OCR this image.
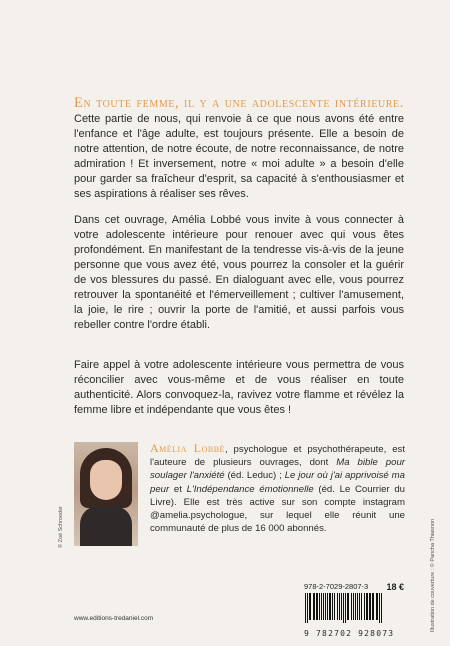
En toute femme, il y a une adolescente intérieure. Cette partie de nous, qui renvoie à ce que nous avons été entre l'enfance et l'âge adulte, est toujours présente. Elle a besoin de notre attention, de notre écoute, de notre reconnaissance, de notre admiration ! Et inversement, notre « moi adulte » a besoin d'elle pour garder sa fraîcheur d'esprit, sa capacité à s'enthousiasmer et ses aspirations à réaliser ses rêves.
Dans cet ouvrage, Amélia Lobbé vous invite à vous connecter à votre adolescente intérieure pour renouer avec qui vous êtes profondément. En manifestant de la tendresse vis-à-vis de la jeune personne que vous avez été, vous pourrez la consoler et la guérir de vos blessures du passé. En dialoguant avec elle, vous pourrez retrouver la spontanéité et l'émerveillement ; cultiver l'amusement, la joie, le rire ; ouvrir la porte de l'amitié, et aussi parfois vous rebeller contre l'ordre établi.
Faire appel à votre adolescente intérieure vous permettra de vous réconcilier avec vous-même et de vous réaliser en toute authenticité. Alors convoquez-la, ravivez votre flamme et révélez la femme libre et indépendante que vous êtes !
© Zoé Schroeder
Amélia Lobbé, psychologue et psychothérapeute, est l'auteure de plusieurs ouvrages, dont Ma bible pour soulager l'anxiété (éd. Leduc) ; Le jour où j'ai apprivoisé ma peur et L'Indépendance émotionnelle (éd. Le Courrier du Livre). Elle est très active sur son compte instagram @amelia.psychologue, sur lequel elle réunit une communauté de plus de 16 000 abonnés.
978-2-7029-2807-3 18 €
9 782702 928073
www.editions-tredaniel.com	Illustration de couverture : © Pancha Thiasnon
